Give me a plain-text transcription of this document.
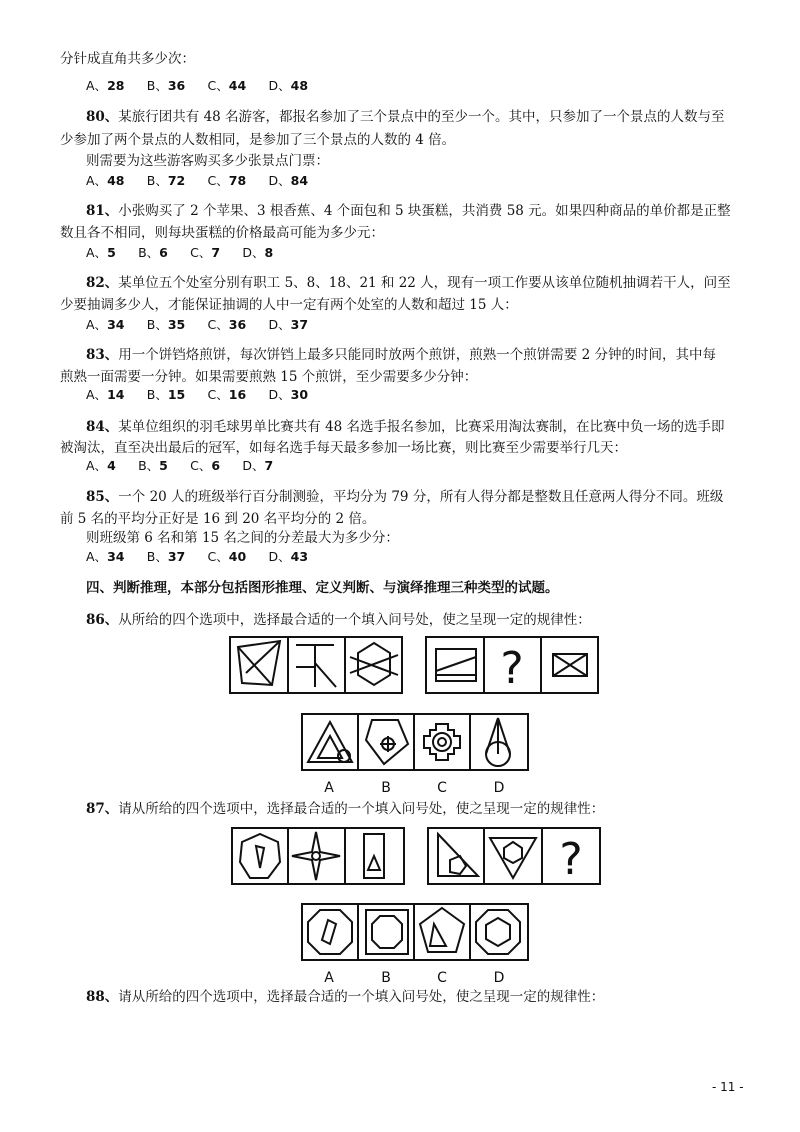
分针成直角共多少次：
A、28 B、36 C、44 D、48
80、某旅行团共有 48 名游客，都报名参加了三个景点中的至少一个。其中，只参加了一个景点的人数与至
少参加了两个景点的人数相同，是参加了三个景点的人数的 4 倍。
则需要为这些游客购买多少张景点门票：
A、48 B、72 C、78 D、84
81、小张购买了 2 个苹果、3 根香蕉、4 个面包和 5 块蛋糕，共消费 58 元。如果四种商品的单价都是正整
数且各不相同，则每块蛋糕的价格最高可能为多少元：
A、5 B、6 C、7 D、8
82、某单位五个处室分别有职工 5、8、18、21 和 22 人，现有一项工作要从该单位随机抽调若干人，问至
少要抽调多少人，才能保证抽调的人中一定有两个处室的人数和超过 15 人：
A、34 B、35 C、36 D、37
83、用一个饼铛烙煎饼，每次饼铛上最多只能同时放两个煎饼，煎熟一个煎饼需要 2 分钟的时间，其中每
煎熟一面需要一分钟。如果需要煎熟 15 个煎饼，至少需要多少分钟：
A、14 B、15 C、16 D、30
84、某单位组织的羽毛球男单比赛共有 48 名选手报名参加，比赛采用淘汰赛制，在比赛中负一场的选手即
被淘汰，直至决出最后的冠军，如每名选手每天最多参加一场比赛，则比赛至少需要举行几天：
A、4 B、5 C、6 D、7
85、一个 20 人的班级举行百分制测验，平均分为 79 分，所有人得分都是整数且任意两人得分不同。班级
前 5 名的平均分正好是 16 到 20 名平均分的 2 倍。
则班级第 6 名和第 15 名之间的分差最大为多少分：
A、34 B、37 C、40 D、43
四、判断推理，本部分包括图形推理、定义判断、与演绎推理三种类型的试题。
86、从所给的四个选项中，选择最合适的一个填入问号处，使之呈现一定的规律性：
?
A	B	C	D
87、请从所给的四个选项中，选择最合适的一个填入问号处，使之呈现一定的规律性：
?
A	B	C	D
88、请从所给的四个选项中，选择最合适的一个填入问号处，使之呈现一定的规律性：
- 11 -
